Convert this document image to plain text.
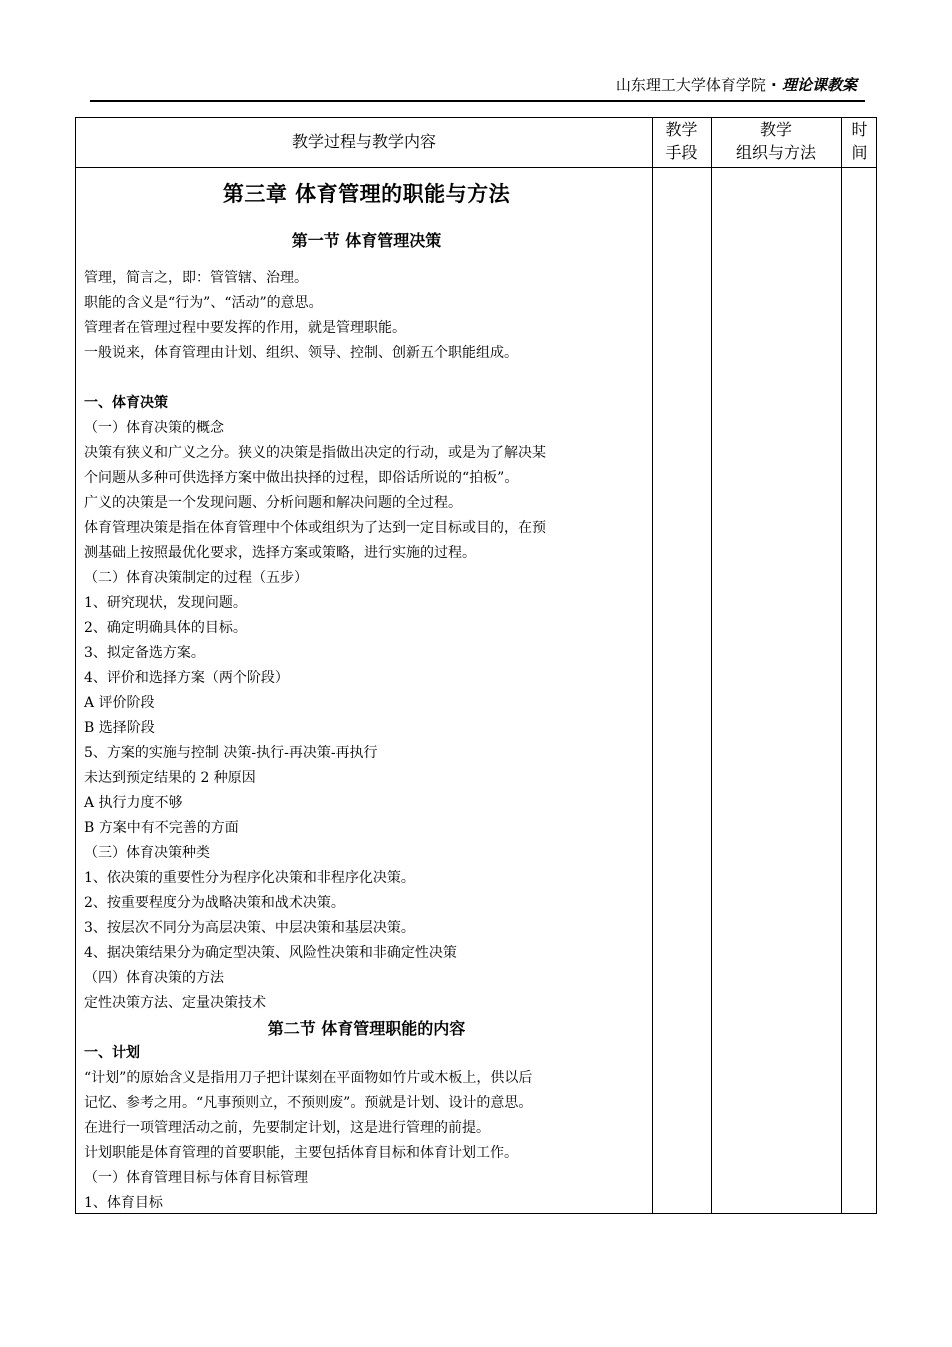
山东理工大学体育学院 · 理论课教案
教学过程与教学内容
教学
手段
教学
组织与方法
时
间
第三章 体育管理的职能与方法
第一节 体育管理决策
管理，简言之，即：管管辖、治理。
职能的含义是“行为”、“活动”的意思。
管理者在管理过程中要发挥的作用，就是管理职能。
一般说来，体育管理由计划、组织、领导、控制、创新五个职能组成。
一、体育决策
（一）体育决策的概念
决策有狭义和广义之分。狭义的决策是指做出决定的行动，或是为了解决某
个问题从多种可供选择方案中做出抉择的过程，即俗话所说的“拍板”。
广义的决策是一个发现问题、分析问题和解决问题的全过程。
体育管理决策是指在体育管理中个体或组织为了达到一定目标或目的，在预
测基础上按照最优化要求，选择方案或策略，进行实施的过程。
（二）体育决策制定的过程（五步）
1、研究现状，发现问题。
2、确定明确具体的目标。
3、拟定备选方案。
4、评价和选择方案（两个阶段）
A 评价阶段
B 选择阶段
5、方案的实施与控制 决策-执行-再决策-再执行
未达到预定结果的 2 种原因
A 执行力度不够
B 方案中有不完善的方面
（三）体育决策种类
1、依决策的重要性分为程序化决策和非程序化决策。
2、按重要程度分为战略决策和战术决策。
3、按层次不同分为高层决策、中层决策和基层决策。
4、据决策结果分为确定型决策、风险性决策和非确定性决策
（四）体育决策的方法
定性决策方法、定量决策技术
第二节 体育管理职能的内容
一、计划
“计划”的原始含义是指用刀子把计谋刻在平面物如竹片或木板上，供以后
记忆、参考之用。“凡事预则立，不预则废”。预就是计划、设计的意思。
在进行一项管理活动之前，先要制定计划，这是进行管理的前提。
计划职能是体育管理的首要职能，主要包括体育目标和体育计划工作。
（一）体育管理目标与体育目标管理
1、体育目标
